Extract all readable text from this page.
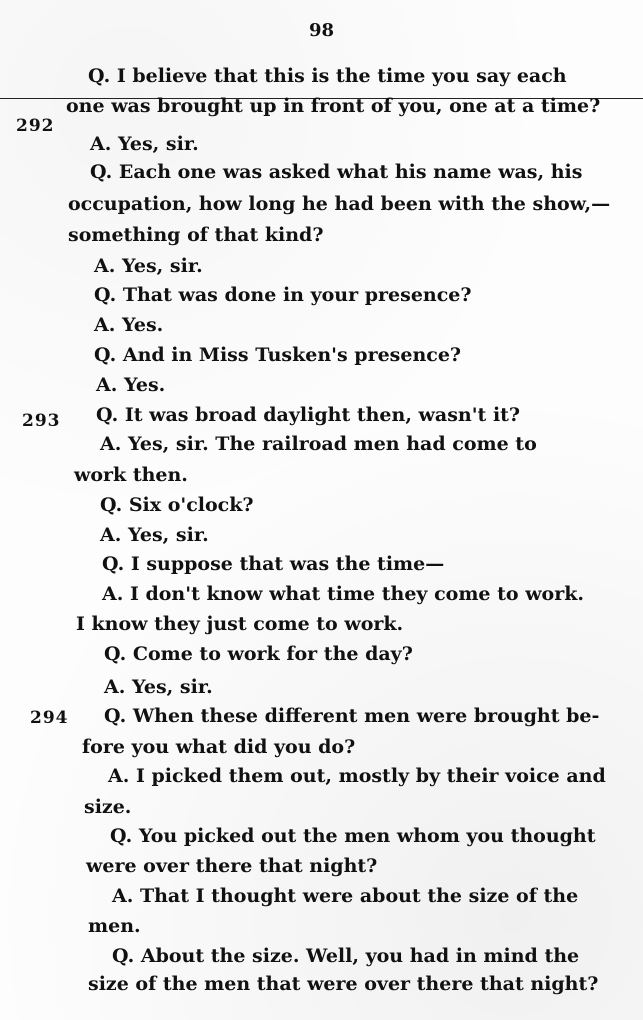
98
292
293
294
Q. I believe that this is the time you say each
one was brought up in front of you, one at a time?
A. Yes, sir.
Q. Each one was asked what his name was, his
occupation, how long he had been with the show,—
something of that kind?
A. Yes, sir.
Q. That was done in your presence?
A. Yes.
Q. And in Miss Tusken's presence?
A. Yes.
Q. It was broad daylight then, wasn't it?
A. Yes, sir. The railroad men had come to
work then.
Q. Six o'clock?
A. Yes, sir.
Q. I suppose that was the time—
A. I don't know what time they come to work.
I know they just come to work.
Q. Come to work for the day?
A. Yes, sir.
Q. When these different men were brought be-
fore you what did you do?
A. I picked them out, mostly by their voice and
size.
Q. You picked out the men whom you thought
were over there that night?
A. That I thought were about the size of the
men.
Q. About the size. Well, you had in mind the
size of the men that were over there that night?
